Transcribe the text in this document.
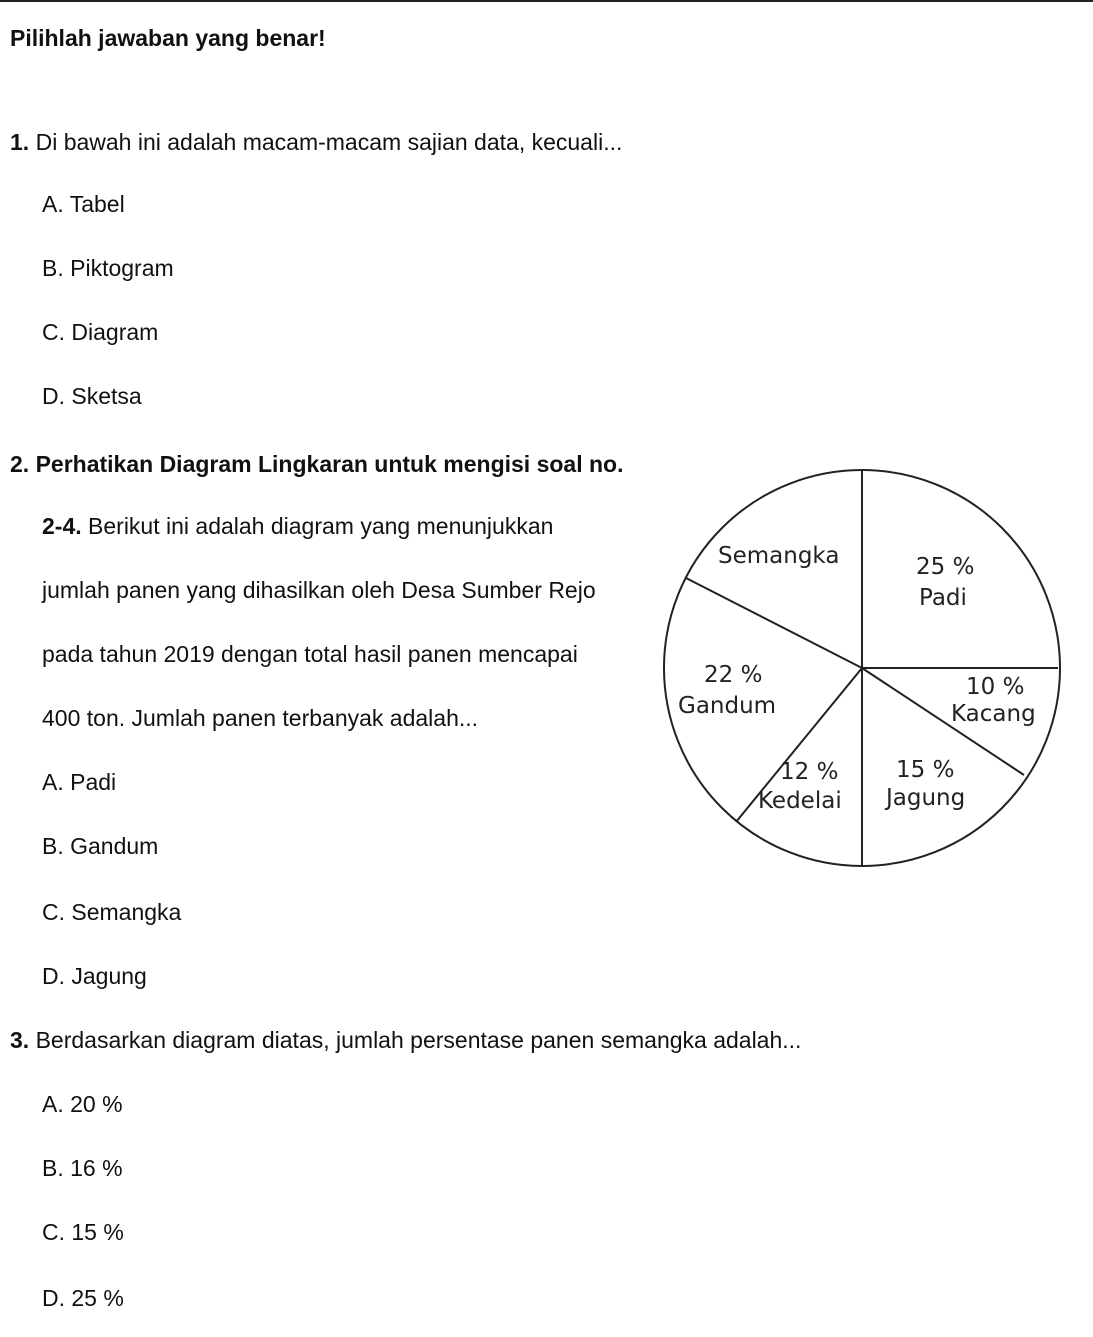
Pilihlah jawaban yang benar!
1. Di bawah ini adalah macam-macam sajian data, kecuali...
A. Tabel
B. Piktogram
C. Diagram
D. Sketsa
2. Perhatikan Diagram Lingkaran untuk mengisi soal no.
2-4. Berikut ini adalah diagram yang menunjukkan
jumlah panen yang dihasilkan oleh Desa Sumber Rejo
pada tahun 2019 dengan total hasil panen mencapai
400 ton. Jumlah panen terbanyak adalah...
A. Padi
B. Gandum
C. Semangka
D. Jagung
3. Berdasarkan diagram diatas, jumlah persentase panen semangka adalah...
A. 20 %
B. 16 %
C. 15 %
D. 25 %
Semangka	25 %
Padi
22 %
Gandum
10 %
Kacang
12 %
Kedelai
15 %
Jagung
